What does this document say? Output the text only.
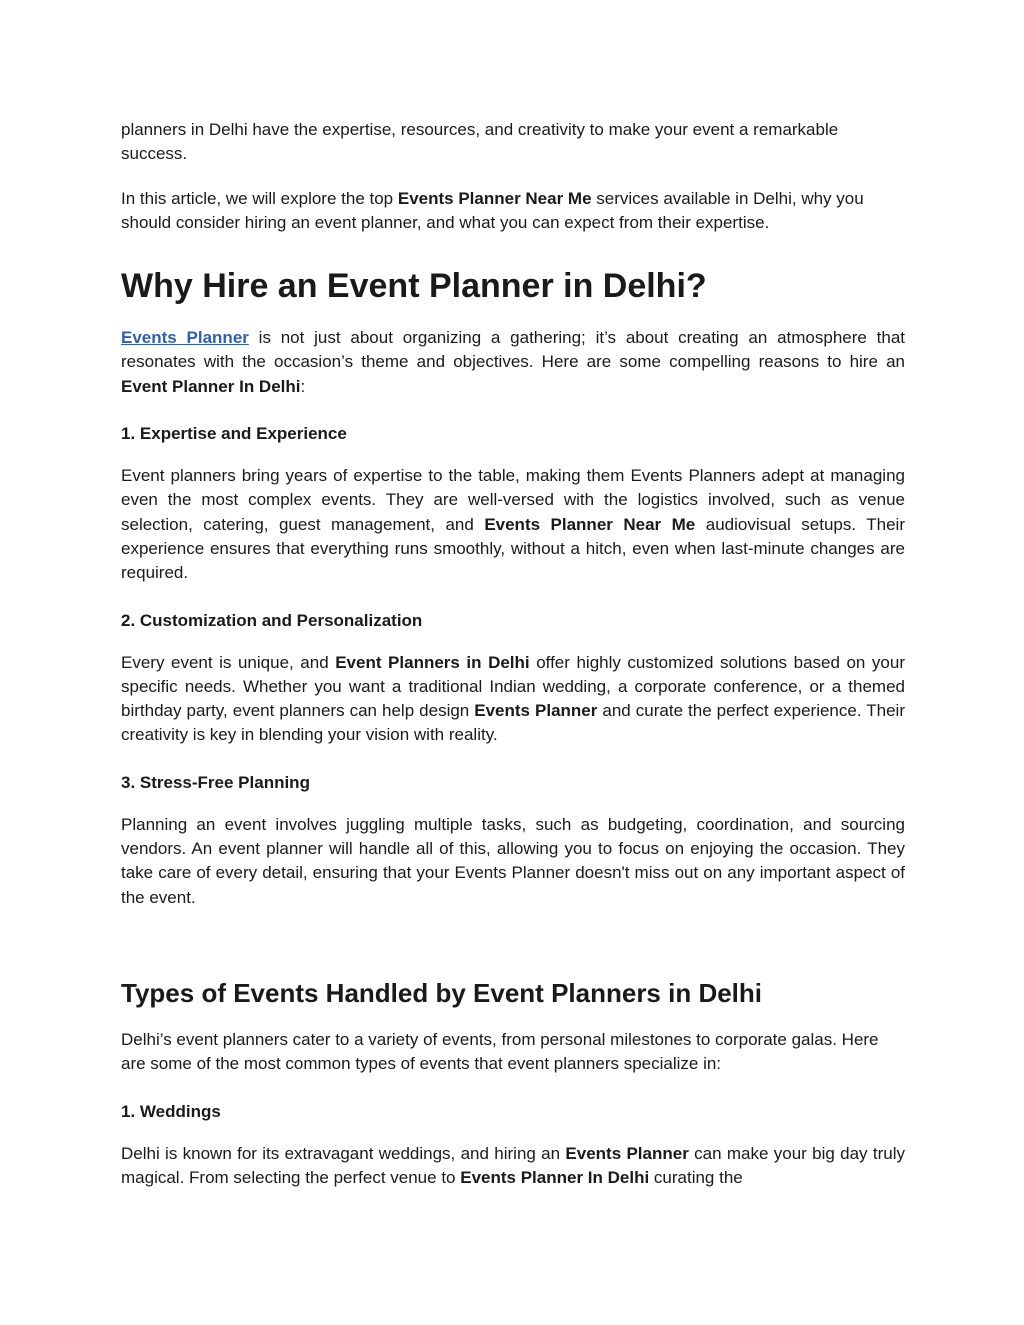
planners in Delhi have the expertise, resources, and creativity to make your event a remarkable success.

In this article, we will explore the top Events Planner Near Me services available in Delhi, why you should consider hiring an event planner, and what you can expect from their expertise.

Why Hire an Event Planner in Delhi?

Events Planner is not just about organizing a gathering; it’s about creating an atmosphere that resonates with the occasion’s theme and objectives. Here are some compelling reasons to hire an Event Planner In Delhi:

1. Expertise and Experience

Event planners bring years of expertise to the table, making them Events Planners adept at managing even the most complex events. They are well-versed with the logistics involved, such as venue selection, catering, guest management, and Events Planner Near Me audiovisual setups. Their experience ensures that everything runs smoothly, without a hitch, even when last-minute changes are required.

2. Customization and Personalization

Every event is unique, and Event Planners in Delhi offer highly customized solutions based on your specific needs. Whether you want a traditional Indian wedding, a corporate conference, or a themed birthday party, event planners can help design Events Planner and curate the perfect experience. Their creativity is key in blending your vision with reality.

3. Stress-Free Planning

Planning an event involves juggling multiple tasks, such as budgeting, coordination, and sourcing vendors. An event planner will handle all of this, allowing you to focus on enjoying the occasion. They take care of every detail, ensuring that your Events Planner doesn't miss out on any important aspect of the event.

Types of Events Handled by Event Planners in Delhi

Delhi’s event planners cater to a variety of events, from personal milestones to corporate galas. Here are some of the most common types of events that event planners specialize in:

1. Weddings

Delhi is known for its extravagant weddings, and hiring an Events Planner can make your big day truly magical. From selecting the perfect venue to Events Planner In Delhi curating the
